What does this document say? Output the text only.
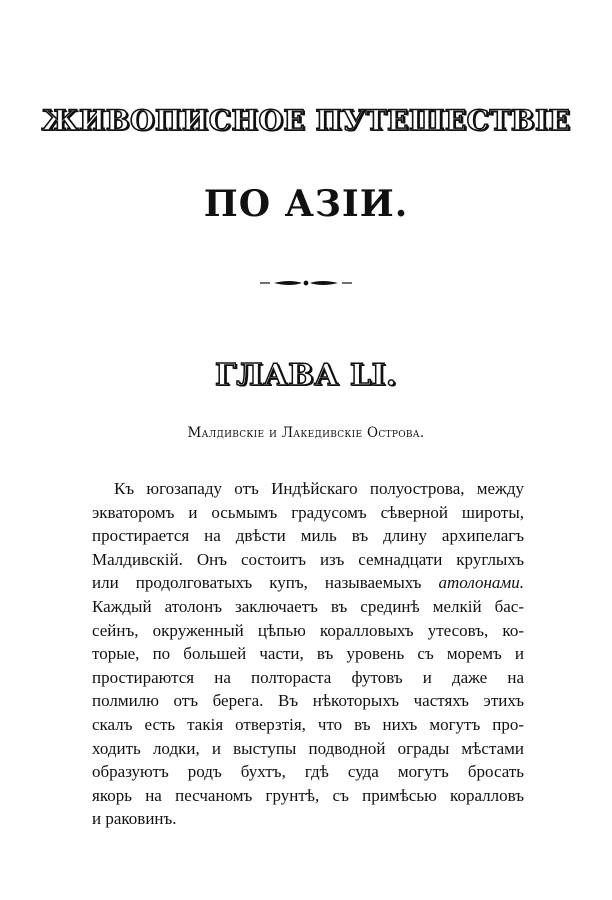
ЖИВОПИСНОЕ ПУТЕШЕСТВІЕ
ПО АЗІИ.
ГЛАВА LI.
Малдивскіе и Лакедивскіе Острова.
Къ югозападу отъ Индѣйскаго полуострова, между
экваторомъ и осьмымъ градусомъ сѣверной широты,
простирается на двѣсти миль въ длину архипелагъ
Малдивскій. Онъ состоитъ изъ семнадцати круглыхъ
или продолговатыхъ купъ, называемыхъ атолонами.
Каждый атолонъ заключаетъ въ срединѣ мелкій бас-
сейнъ, окруженный цѣпью коралловыхъ утесовъ, ко-
торые, по большей части, въ уровень съ моремъ и
простираются на полтораста футовъ и даже на
полмилю отъ берега. Въ нѣкоторыхъ частяхъ этихъ
скалъ есть такія отверзтія, что въ нихъ могутъ про-
ходить лодки, и выступы подводной ограды мѣстами
образуютъ родъ бухтъ, гдѣ суда могутъ бросать
якорь на песчаномъ грунтѣ, съ примѣсью коралловъ
и раковинъ.
